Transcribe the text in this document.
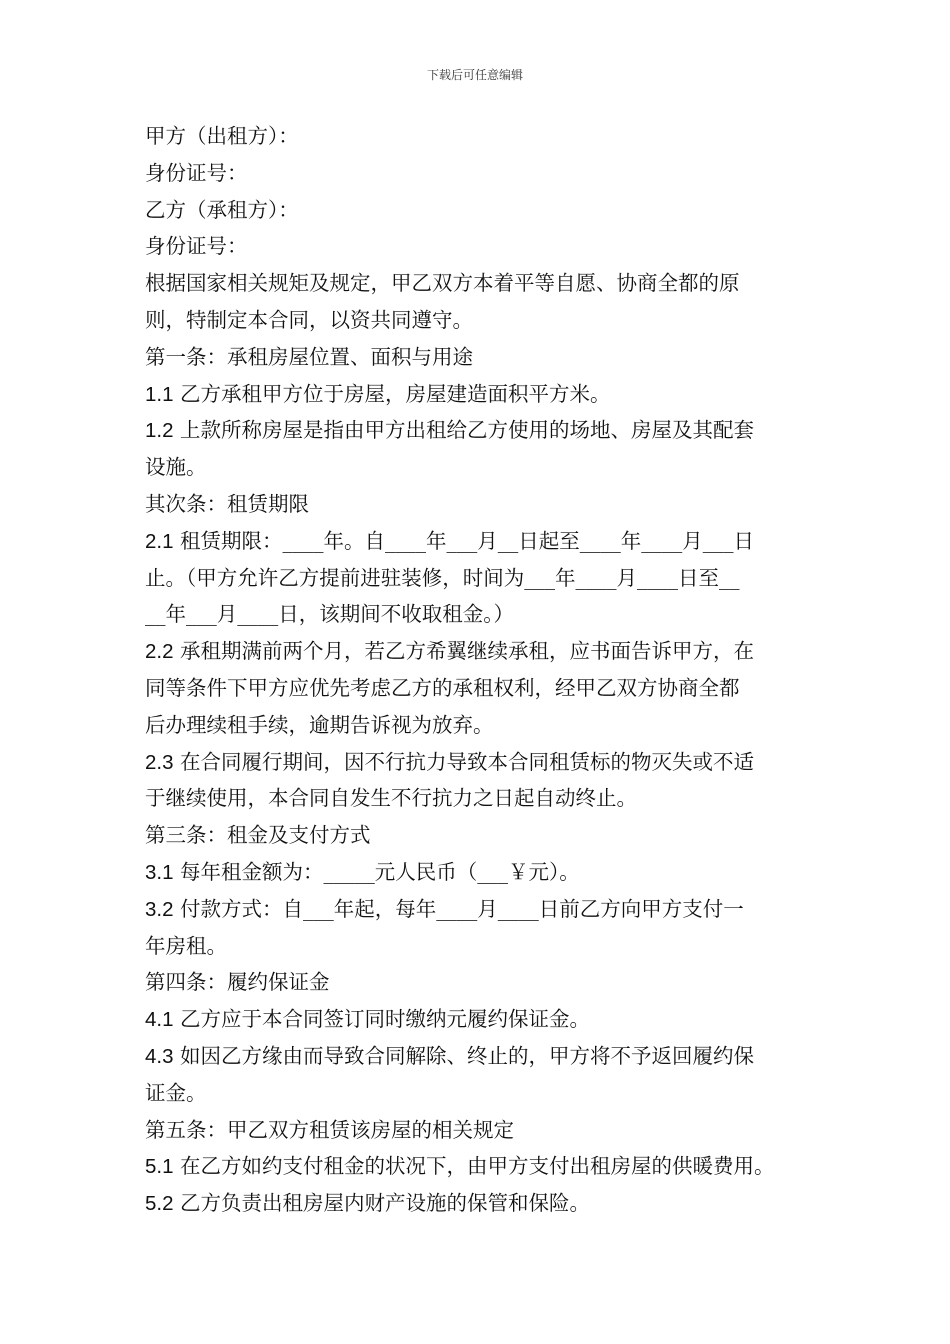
下载后可任意编辑
甲方（出租方）：
身份证号：
乙方（承租方）：
身份证号：
根据国家相关规矩及规定，甲乙双方本着平等自愿、协商全都的原
则，特制定本合同，以资共同遵守。
第一条：承租房屋位置、面积与用途
1.1 乙方承租甲方位于房屋，房屋建造面积平方米。
1.2 上款所称房屋是指由甲方出租给乙方使用的场地、房屋及其配套
设施。
其次条：租赁期限
2.1 租赁期限：____年。自____年___月__日起至____年____月___日
止。（甲方允许乙方提前进驻装修，时间为___年____月____日至__
__年___月____日，该期间不收取租金。）
2.2 承租期满前两个月，若乙方希翼继续承租，应书面告诉甲方，在
同等条件下甲方应优先考虑乙方的承租权利，经甲乙双方协商全都
后办理续租手续，逾期告诉视为放弃。
2.3 在合同履行期间，因不行抗力导致本合同租赁标的物灭失或不适
于继续使用，本合同自发生不行抗力之日起自动终止。
第三条：租金及支付方式
3.1 每年租金额为：_____元人民币（___￥元）。
3.2 付款方式：自___年起，每年____月____日前乙方向甲方支付一
年房租。
第四条：履约保证金
4.1 乙方应于本合同签订同时缴纳元履约保证金。
4.3 如因乙方缘由而导致合同解除、终止的，甲方将不予返回履约保
证金。
第五条：甲乙双方租赁该房屋的相关规定
5.1 在乙方如约支付租金的状况下，由甲方支付出租房屋的供暖费用。
5.2 乙方负责出租房屋内财产设施的保管和保险。
